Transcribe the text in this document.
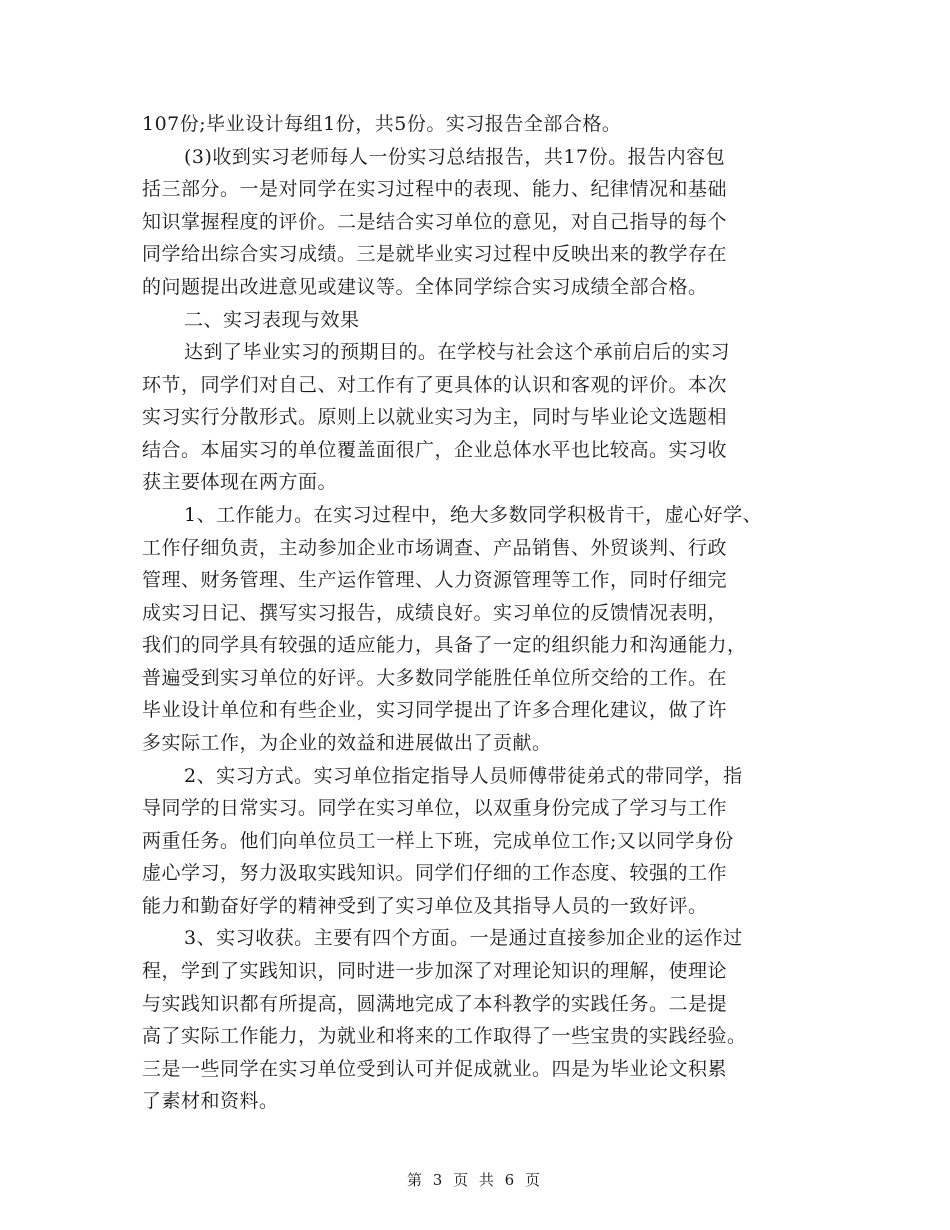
107份;毕业设计每组1份，共5份。实习报告全部合格。
(3)收到实习老师每人一份实习总结报告，共17份。报告内容包
括三部分。一是对同学在实习过程中的表现、能力、纪律情况和基础
知识掌握程度的评价。二是结合实习单位的意见，对自己指导的每个
同学给出综合实习成绩。三是就毕业实习过程中反映出来的教学存在
的问题提出改进意见或建议等。全体同学综合实习成绩全部合格。
二、实习表现与效果
达到了毕业实习的预期目的。在学校与社会这个承前启后的实习
环节，同学们对自己、对工作有了更具体的认识和客观的评价。本次
实习实行分散形式。原则上以就业实习为主，同时与毕业论文选题相
结合。本届实习的单位覆盖面很广，企业总体水平也比较高。实习收
获主要体现在两方面。
1、工作能力。在实习过程中，绝大多数同学积极肯干，虚心好学、
工作仔细负责，主动参加企业市场调查、产品销售、外贸谈判、行政
管理、财务管理、生产运作管理、人力资源管理等工作，同时仔细完
成实习日记、撰写实习报告，成绩良好。实习单位的反馈情况表明，
我们的同学具有较强的适应能力，具备了一定的组织能力和沟通能力，
普遍受到实习单位的好评。大多数同学能胜任单位所交给的工作。在
毕业设计单位和有些企业，实习同学提出了许多合理化建议，做了许
多实际工作，为企业的效益和进展做出了贡献。
2、实习方式。实习单位指定指导人员师傅带徒弟式的带同学，指
导同学的日常实习。同学在实习单位，以双重身份完成了学习与工作
两重任务。他们向单位员工一样上下班，完成单位工作;又以同学身份
虚心学习，努力汲取实践知识。同学们仔细的工作态度、较强的工作
能力和勤奋好学的精神受到了实习单位及其指导人员的一致好评。
3、实习收获。主要有四个方面。一是通过直接参加企业的运作过
程，学到了实践知识，同时进一步加深了对理论知识的理解，使理论
与实践知识都有所提高，圆满地完成了本科教学的实践任务。二是提
高了实际工作能力，为就业和将来的工作取得了一些宝贵的实践经验。
三是一些同学在实习单位受到认可并促成就业。四是为毕业论文积累
了素材和资料。
第 3 页 共 6 页
